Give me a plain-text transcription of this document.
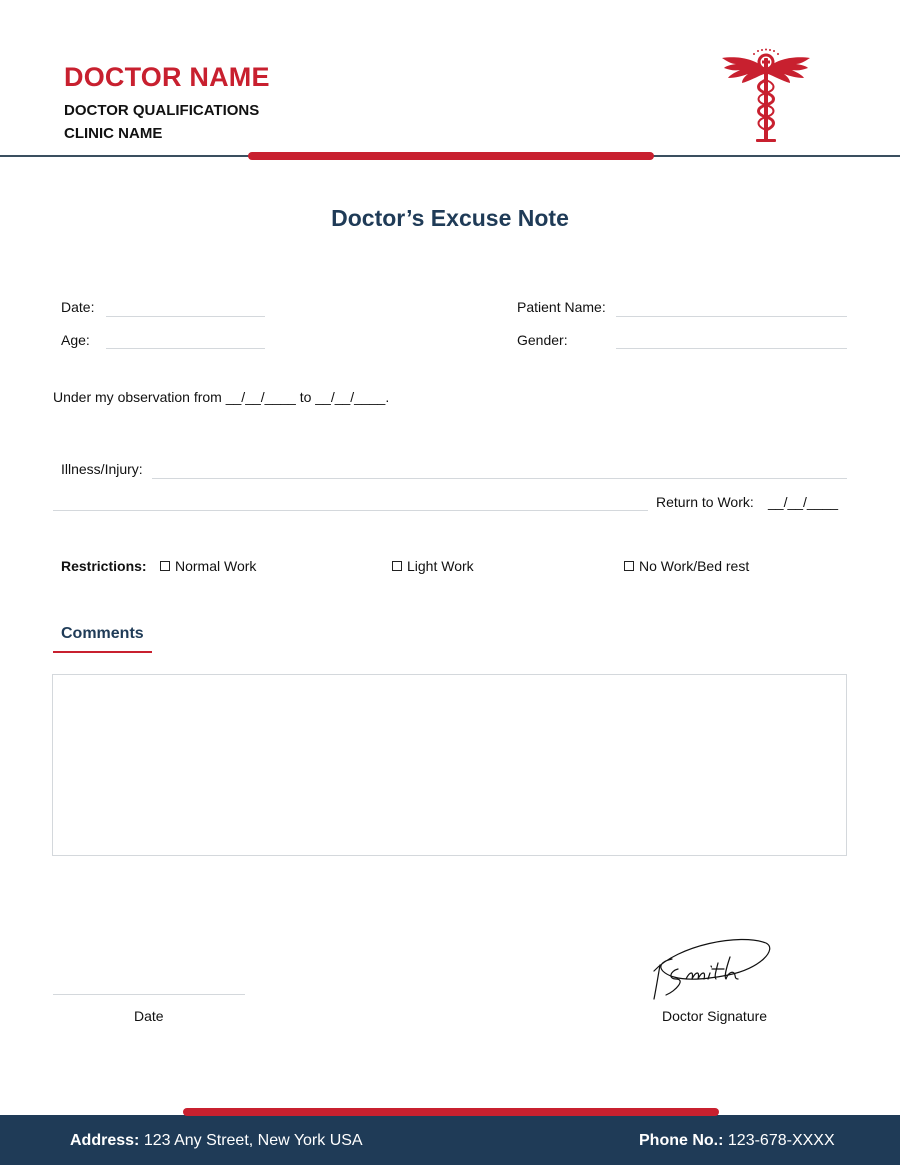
DOCTOR NAME
DOCTOR QUALIFICATIONS
CLINIC NAME
Doctor’s Excuse Note
Date:	Patient Name:
Age:	Gender:
Under my observation from __/__/____ to __/__/____.
Illness/Injury:
Return to Work: __/__/____
Restrictions: Normal Work	Light Work	No Work/Bed rest
Comments
Date	Doctor Signature
Address: 123 Any Street, New York USA	Phone No.: 123-678-XXXX
